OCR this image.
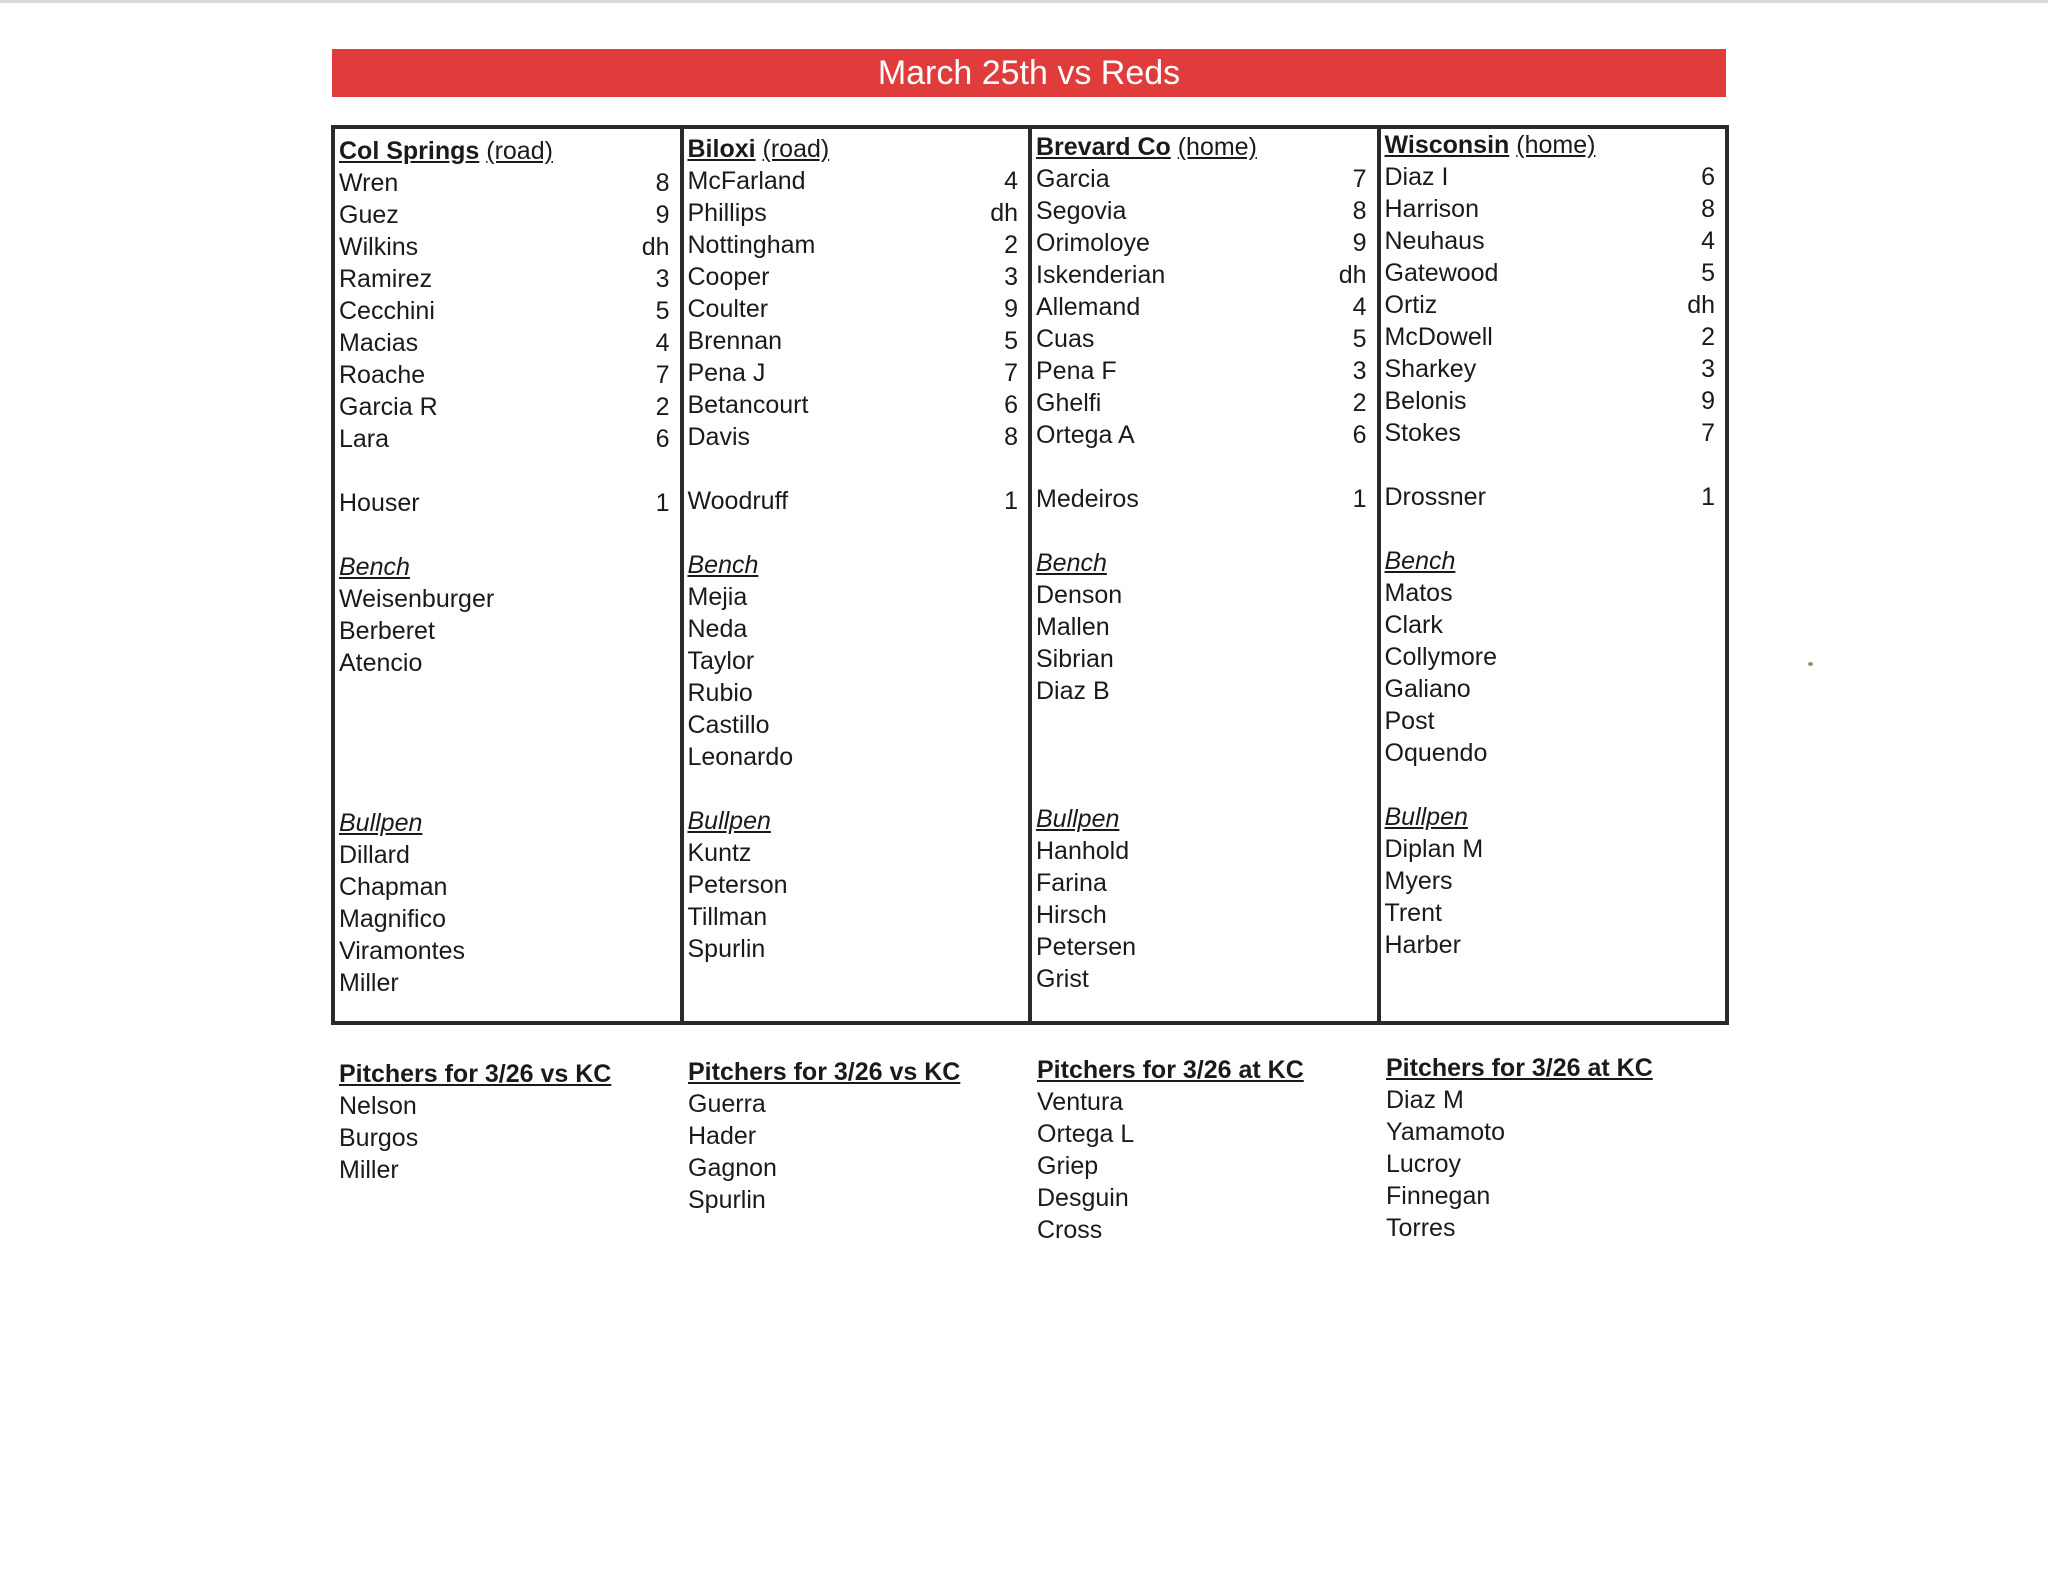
March 25th vs Reds
Col Springs (road)
Wren	8
Guez	9
Wilkins	dh
Ramirez	3
Cecchini	5
Macias	4
Roache	7
Garcia R	2
Lara	6
Houser	1
Bench
Weisenburger
Berberet
Atencio
Bullpen
Dillard
Chapman
Magnifico
Viramontes
Miller
Biloxi (road)
McFarland	4
Phillips	dh
Nottingham	2
Cooper	3
Coulter	9
Brennan	5
Pena J	7
Betancourt	6
Davis	8
Woodruff	1
Bench
Mejia
Neda
Taylor
Rubio
Castillo
Leonardo
Bullpen
Kuntz
Peterson
Tillman
Spurlin
Brevard Co (home)
Garcia	7
Segovia	8
Orimoloye	9
Iskenderian	dh
Allemand	4
Cuas	5
Pena F	3
Ghelfi	2
Ortega A	6
Medeiros	1
Bench
Denson
Mallen
Sibrian
Diaz B
Bullpen
Hanhold
Farina
Hirsch
Petersen
Grist
Wisconsin (home)
Diaz I	6
Harrison	8
Neuhaus	4
Gatewood	5
Ortiz	dh
McDowell	2
Sharkey	3
Belonis	9
Stokes	7
Drossner	1
Bench
Matos
Clark
Collymore
Galiano
Post
Oquendo
Bullpen
Diplan M
Myers
Trent
Harber
Pitchers for 3/26 vs KC
Nelson
Burgos
Miller
Pitchers for 3/26 vs KC
Guerra
Hader
Gagnon
Spurlin
Pitchers for 3/26 at KC
Ventura
Ortega L
Griep
Desguin
Cross
Pitchers for 3/26 at KC
Diaz M
Yamamoto
Lucroy
Finnegan
Torres
